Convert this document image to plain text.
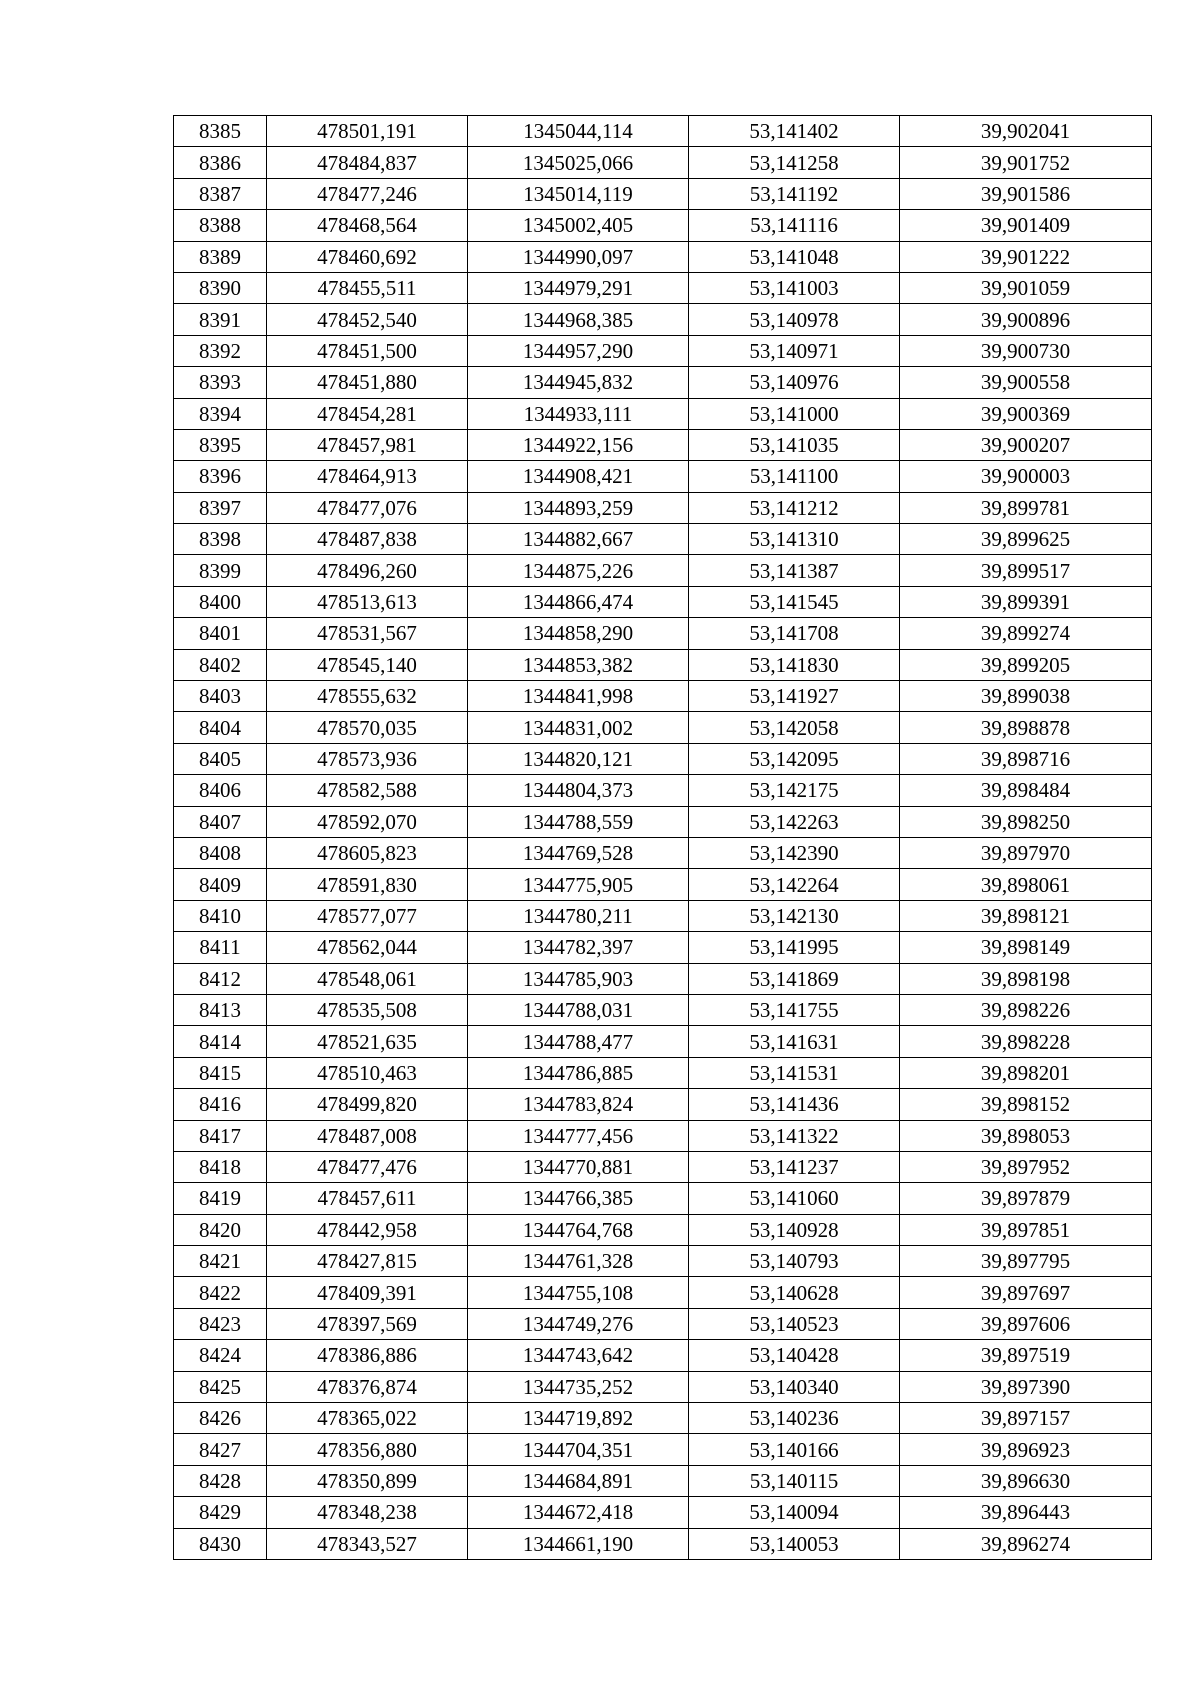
8385	478501,191	1345044,114	53,141402	39,902041
8386	478484,837	1345025,066	53,141258	39,901752
8387	478477,246	1345014,119	53,141192	39,901586
8388	478468,564	1345002,405	53,141116	39,901409
8389	478460,692	1344990,097	53,141048	39,901222
8390	478455,511	1344979,291	53,141003	39,901059
8391	478452,540	1344968,385	53,140978	39,900896
8392	478451,500	1344957,290	53,140971	39,900730
8393	478451,880	1344945,832	53,140976	39,900558
8394	478454,281	1344933,111	53,141000	39,900369
8395	478457,981	1344922,156	53,141035	39,900207
8396	478464,913	1344908,421	53,141100	39,900003
8397	478477,076	1344893,259	53,141212	39,899781
8398	478487,838	1344882,667	53,141310	39,899625
8399	478496,260	1344875,226	53,141387	39,899517
8400	478513,613	1344866,474	53,141545	39,899391
8401	478531,567	1344858,290	53,141708	39,899274
8402	478545,140	1344853,382	53,141830	39,899205
8403	478555,632	1344841,998	53,141927	39,899038
8404	478570,035	1344831,002	53,142058	39,898878
8405	478573,936	1344820,121	53,142095	39,898716
8406	478582,588	1344804,373	53,142175	39,898484
8407	478592,070	1344788,559	53,142263	39,898250
8408	478605,823	1344769,528	53,142390	39,897970
8409	478591,830	1344775,905	53,142264	39,898061
8410	478577,077	1344780,211	53,142130	39,898121
8411	478562,044	1344782,397	53,141995	39,898149
8412	478548,061	1344785,903	53,141869	39,898198
8413	478535,508	1344788,031	53,141755	39,898226
8414	478521,635	1344788,477	53,141631	39,898228
8415	478510,463	1344786,885	53,141531	39,898201
8416	478499,820	1344783,824	53,141436	39,898152
8417	478487,008	1344777,456	53,141322	39,898053
8418	478477,476	1344770,881	53,141237	39,897952
8419	478457,611	1344766,385	53,141060	39,897879
8420	478442,958	1344764,768	53,140928	39,897851
8421	478427,815	1344761,328	53,140793	39,897795
8422	478409,391	1344755,108	53,140628	39,897697
8423	478397,569	1344749,276	53,140523	39,897606
8424	478386,886	1344743,642	53,140428	39,897519
8425	478376,874	1344735,252	53,140340	39,897390
8426	478365,022	1344719,892	53,140236	39,897157
8427	478356,880	1344704,351	53,140166	39,896923
8428	478350,899	1344684,891	53,140115	39,896630
8429	478348,238	1344672,418	53,140094	39,896443
8430	478343,527	1344661,190	53,140053	39,896274
